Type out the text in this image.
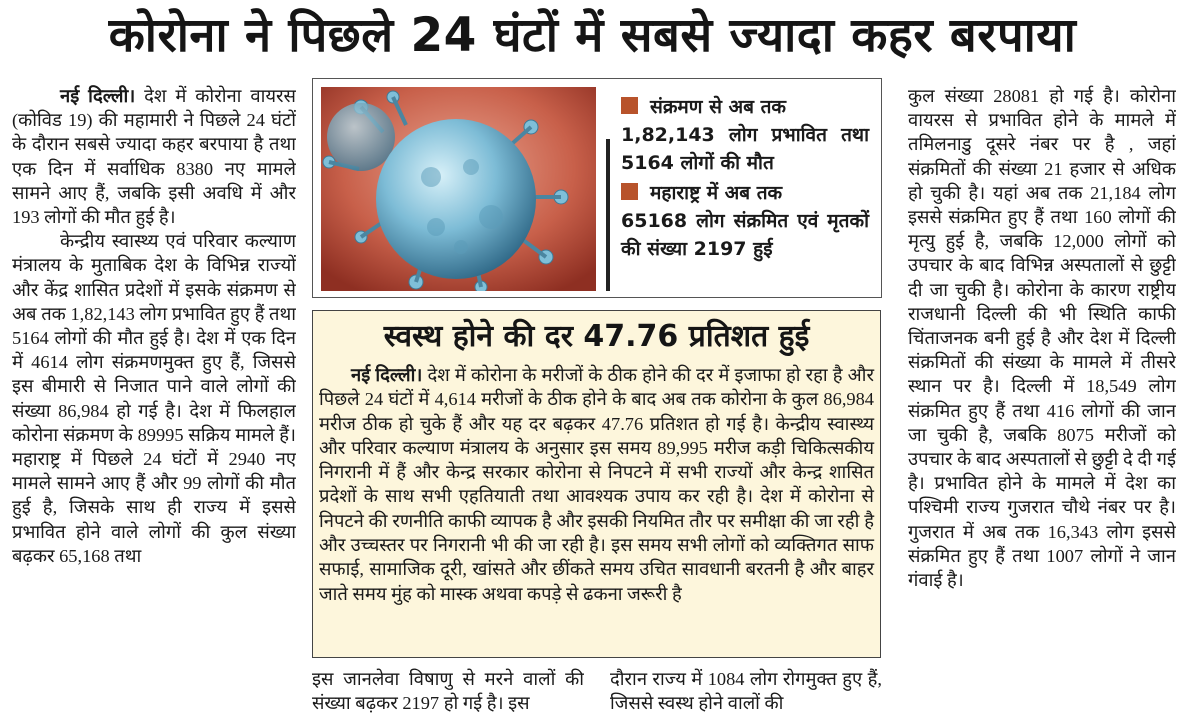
कोरोना ने पिछले 24 घंटों में सबसे ज्यादा कहर बरपाया

नई दिल्ली। देश में कोरोना वायरस (कोविड 19) की महामारी ने पिछले 24 घंटों के दौरान सबसे ज्यादा कहर बरपाया है तथा एक दिन में सर्वाधिक 8380 नए मामले सामने आए हैं, जबकि इसी अवधि में और 193 लोगों की मौत हुई है।

केन्द्रीय स्वास्थ्य एवं परिवार कल्याण मंत्रालय के मुताबिक देश के विभिन्न राज्यों और केंद्र शासित प्रदेशों में इसके संक्रमण से अब तक 1,82,143 लोग प्रभावित हुए हैं तथा 5164 लोगों की मौत हुई है। देश में एक दिन में 4614 लोग संक्रमणमुक्त हुए हैं, जिससे इस बीमारी से निजात पाने वाले लोगों की संख्या 86,984 हो गई है। देश में फिलहाल कोरोना संक्रमण के 89995 सक्रिय मामले हैं। महाराष्ट्र में पिछले 24 घंटों में 2940 नए मामले सामने आए हैं और 99 लोगों की मौत हुई है, जिसके साथ ही राज्य में इससे प्रभावित होने वाले लोगों की कुल संख्या बढ़कर 65,168 तथा

संक्रमण से अब तक
1,82,143 लोग प्रभावित तथा 5164 लोगों की मौत
महाराष्ट्र में अब तक
65168 लोग संक्रमित एवं मृतकों की संख्या 2197 हुई
स्वस्थ होने की दर 47.76 प्रतिशत हुई
नई दिल्ली। देश में कोरोना के मरीजों के ठीक होने की दर में इजाफा हो रहा है और पिछले 24 घंटों में 4,614 मरीजों के ठीक होने के बाद अब तक कोरोना के कुल 86,984 मरीज ठीक हो चुके हैं और यह दर बढ़कर 47.76 प्रतिशत हो गई है। केन्द्रीय स्वास्थ्य और परिवार कल्याण मंत्रालय के अनुसार इस समय 89,995 मरीज कड़ी चिकित्सकीय निगरानी में हैं और केन्द्र सरकार कोरोना से निपटने में सभी राज्यों और केन्द्र शासित प्रदेशों के साथ सभी एहतियाती तथा आवश्यक उपाय कर रही है। देश में कोरोना से निपटने की रणनीति काफी व्यापक है और इसकी नियमित तौर पर समीक्षा की जा रही है और उच्चस्तर पर निगरानी भी की जा रही है। इस समय सभी लोगों को व्यक्तिगत साफ सफाई, सामाजिक दूरी, खांसते और छींकते समय उचित सावधानी बरतनी है और बाहर जाते समय मुंह को मास्क अथवा कपड़े से ढकना जरूरी है
इस जानलेवा विषाणु से मरने वालों की संख्या बढ़कर 2197 हो गई है। इस
दौरान राज्य में 1084 लोग रोगमुक्त हुए हैं, जिससे स्वस्थ होने वालों की
कुल संख्या 28081 हो गई है। कोरोना वायरस से प्रभावित होने के मामले में तमिलनाडु दूसरे नंबर पर है , जहां संक्रमितों की संख्या 21 हजार से अधिक हो चुकी है। यहां अब तक 21,184 लोग इससे संक्रमित हुए हैं तथा 160 लोगों की मृत्यु हुई है, जबकि 12,000 लोगों को उपचार के बाद विभिन्न अस्पतालों से छुट्टी दी जा चुकी है। कोरोना के कारण राष्ट्रीय राजधानी दिल्ली की भी स्थिति काफी चिंताजनक बनी हुई है और देश में दिल्ली संक्रमितों की संख्या के मामले में तीसरे स्थान पर है। दिल्ली में 18,549 लोग संक्रमित हुए हैं तथा 416 लोगों की जान जा चुकी है, जबकि 8075 मरीजों को उपचार के बाद अस्पतालों से छुट्टी दे दी गई है। प्रभावित होने के मामले में देश का पश्चिमी राज्य गुजरात चौथे नंबर पर है। गुजरात में अब तक 16,343 लोग इससे संक्रमित हुए हैं तथा 1007 लोगों ने जान गंवाई है।
